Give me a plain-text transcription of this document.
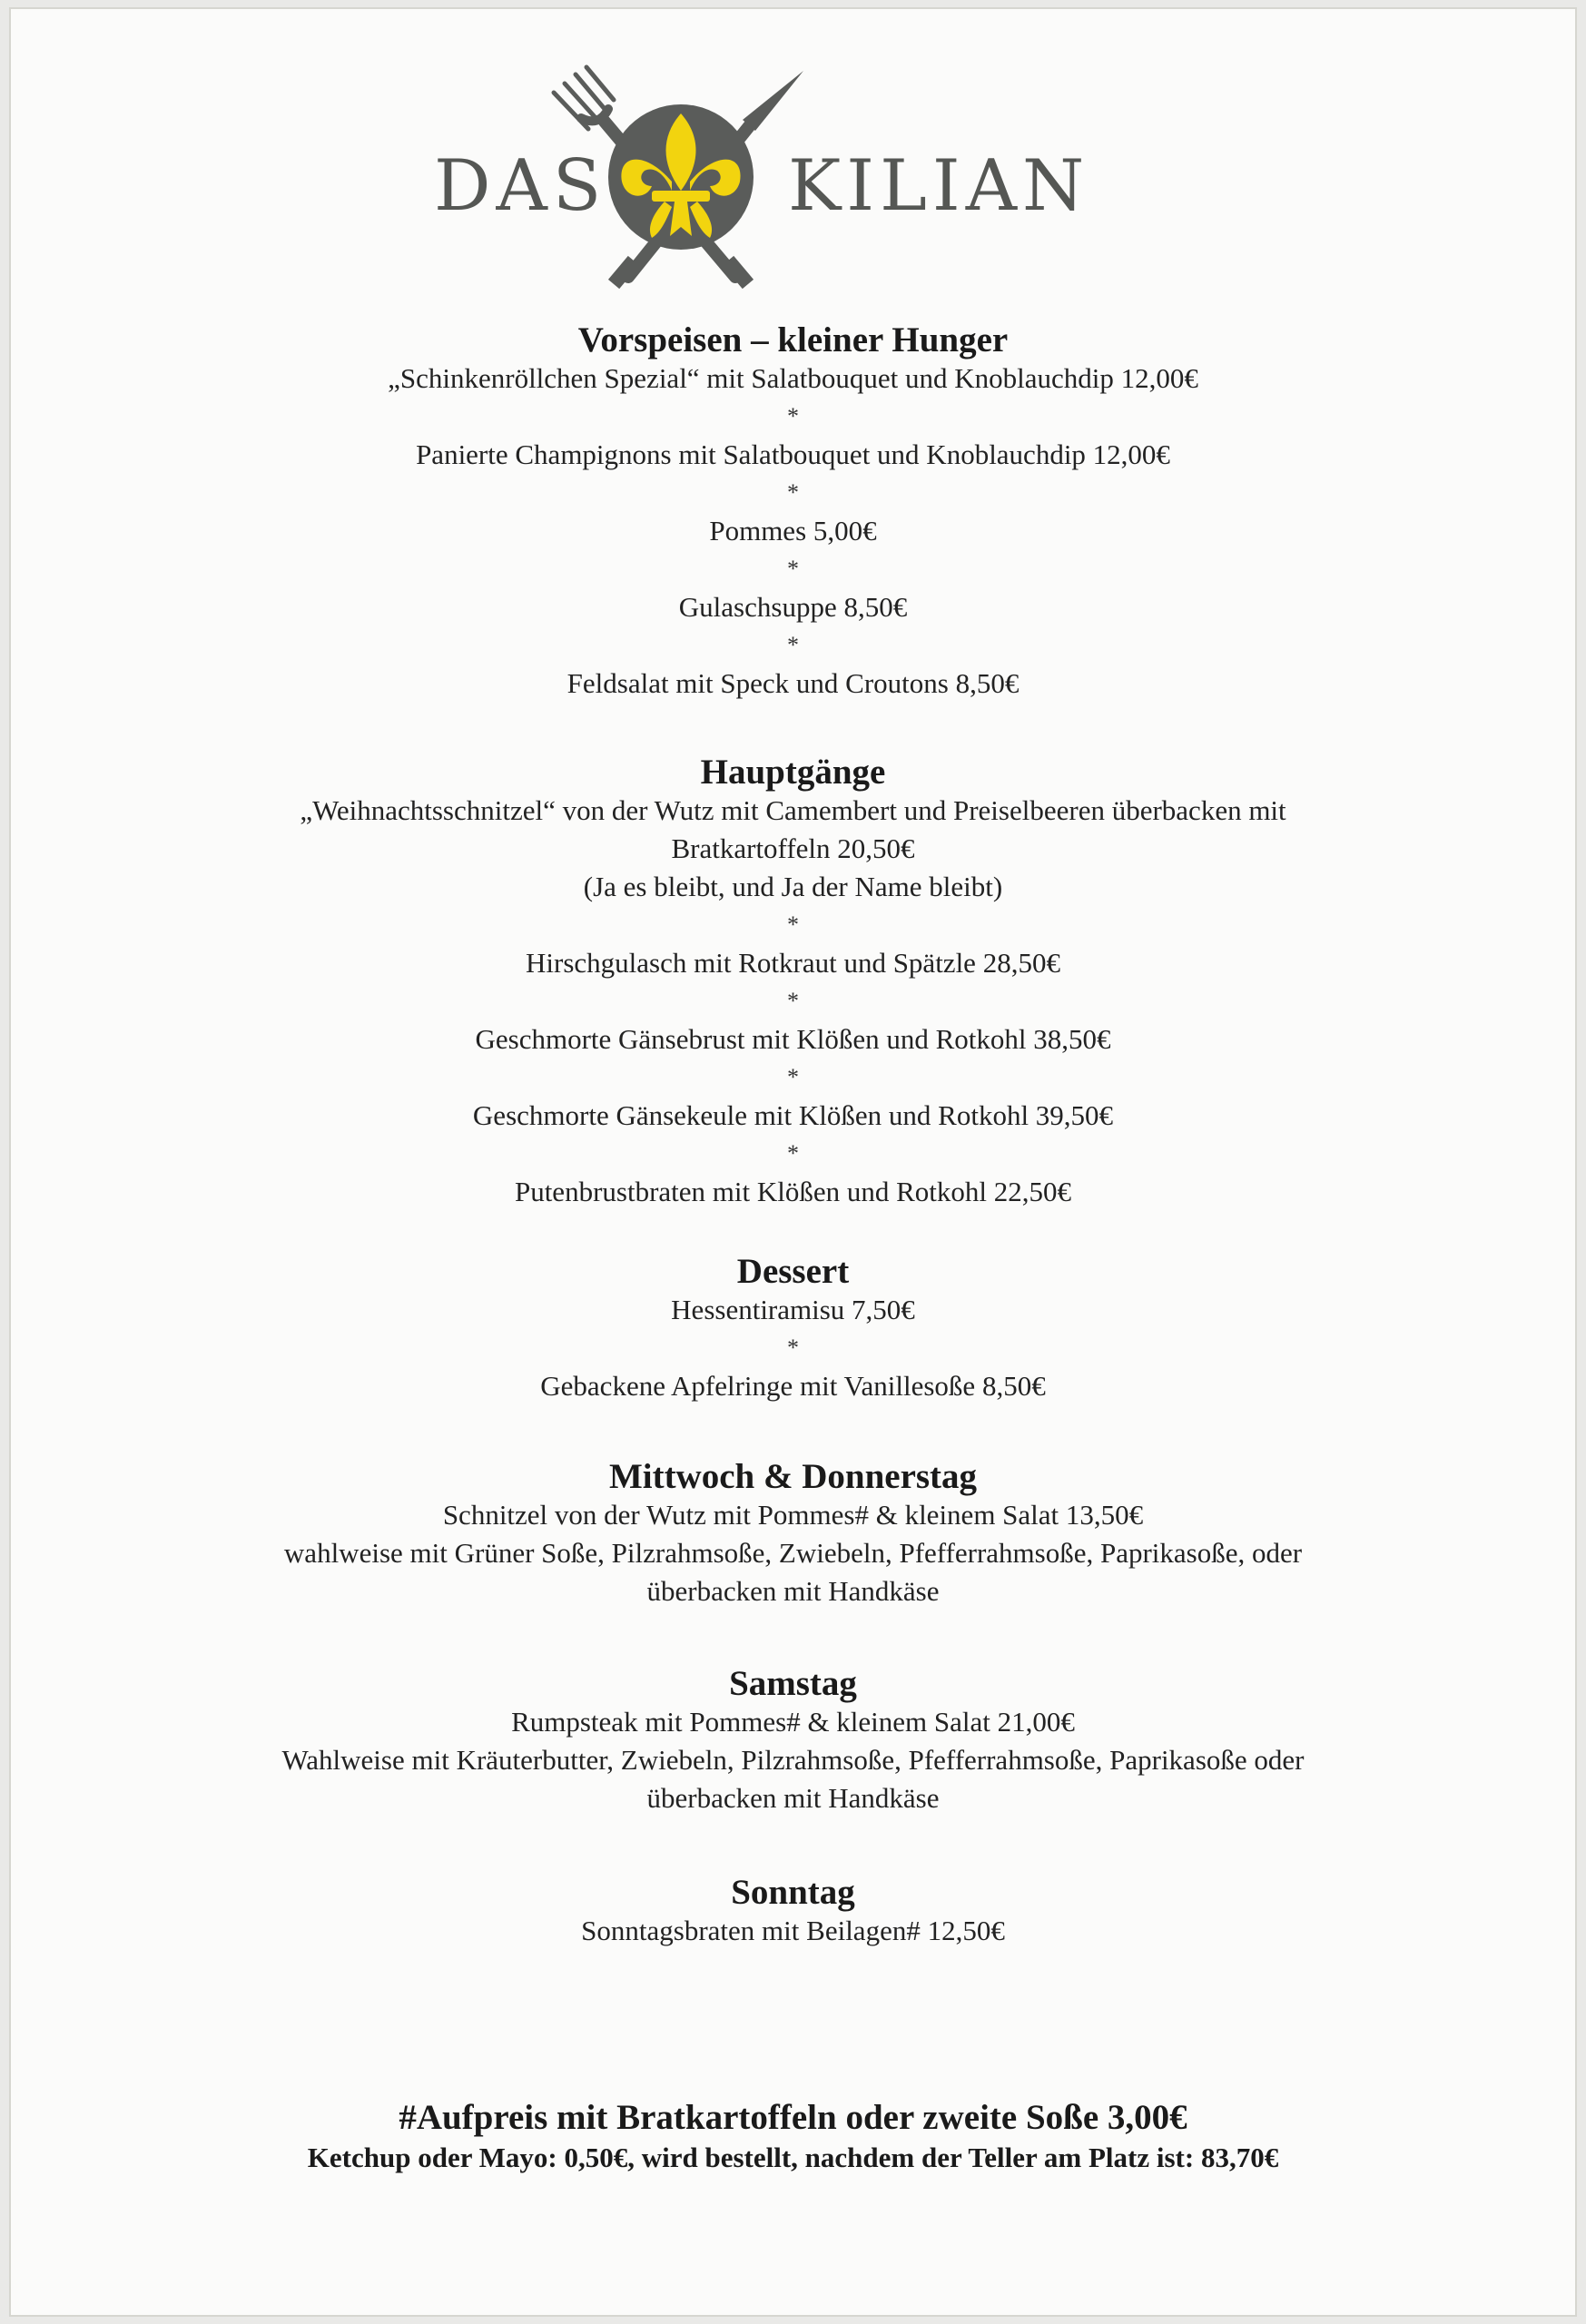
DAS	KILIAN
Vorspeisen – kleiner Hunger
„Schinkenröllchen Spezial“ mit Salatbouquet und Knoblauchdip 12,00€
*
Panierte Champignons mit Salatbouquet und Knoblauchdip 12,00€
*
Pommes 5,00€
*
Gulaschsuppe 8,50€
*
Feldsalat mit Speck und Croutons 8,50€
Hauptgänge
„Weihnachtsschnitzel“ von der Wutz mit Camembert und Preiselbeeren überbacken mit
Bratkartoffeln 20,50€
(Ja es bleibt, und Ja der Name bleibt)
*
Hirschgulasch mit Rotkraut und Spätzle 28,50€
*
Geschmorte Gänsebrust mit Klößen und Rotkohl 38,50€
*
Geschmorte Gänsekeule mit Klößen und Rotkohl 39,50€
*
Putenbrustbraten mit Klößen und Rotkohl 22,50€
Dessert
Hessentiramisu 7,50€
*
Gebackene Apfelringe mit Vanillesoße 8,50€
Mittwoch & Donnerstag
Schnitzel von der Wutz mit Pommes# & kleinem Salat 13,50€
wahlweise mit Grüner Soße, Pilzrahmsoße, Zwiebeln, Pfefferrahmsoße, Paprikasoße, oder
überbacken mit Handkäse
Samstag
Rumpsteak mit Pommes# & kleinem Salat 21,00€
Wahlweise mit Kräuterbutter, Zwiebeln, Pilzrahmsoße, Pfefferrahmsoße, Paprikasoße oder
überbacken mit Handkäse
Sonntag
Sonntagsbraten mit Beilagen# 12,50€
#Aufpreis mit Bratkartoffeln oder zweite Soße 3,00€
Ketchup oder Mayo: 0,50€, wird bestellt, nachdem der Teller am Platz ist: 83,70€
